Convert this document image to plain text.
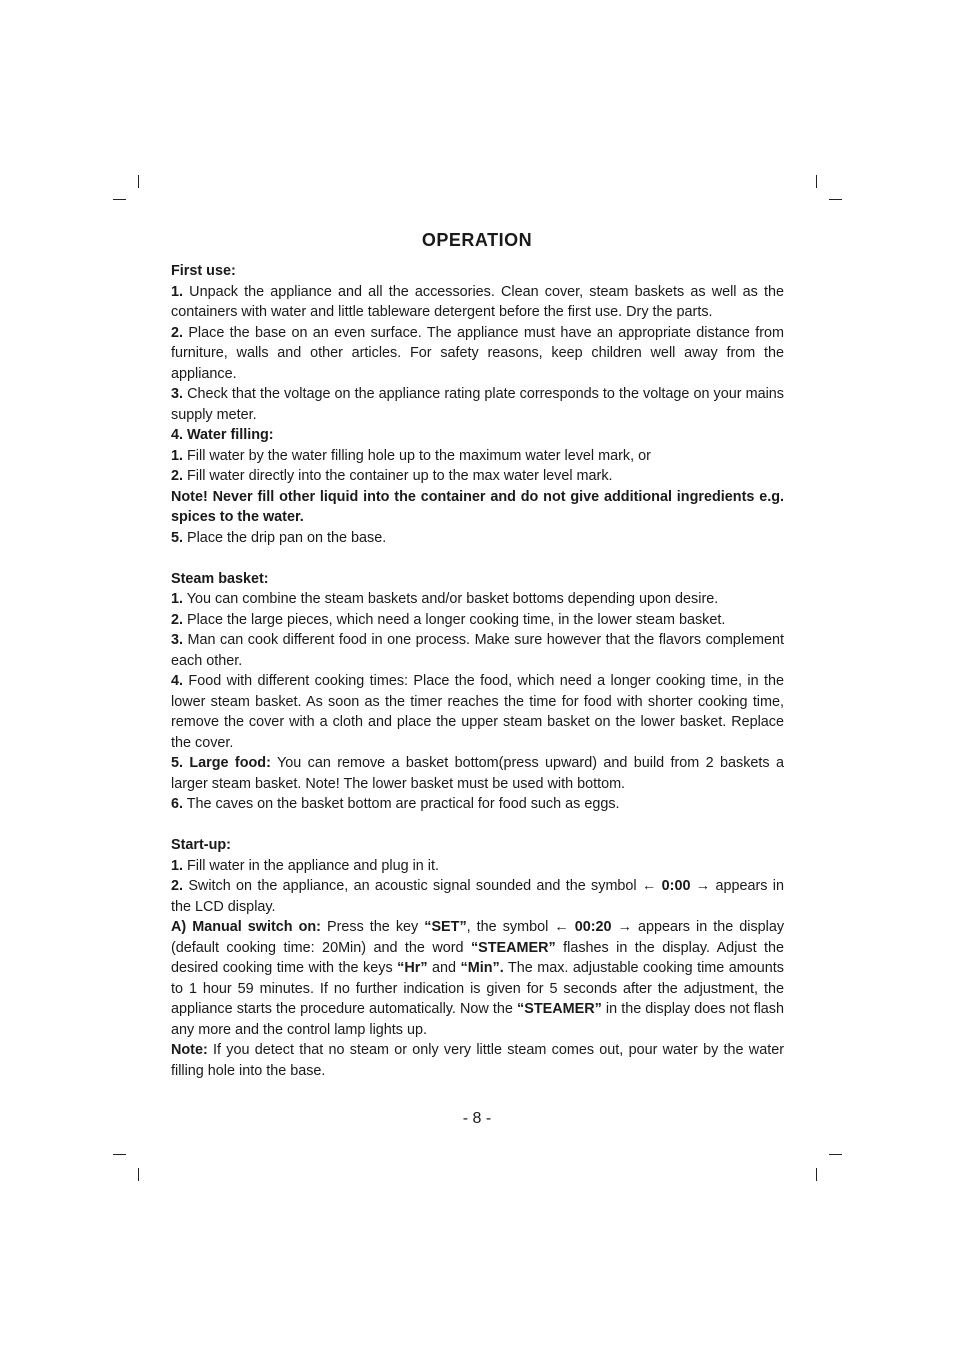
OPERATION

First use:

1. Unpack the appliance and all the accessories. Clean cover, steam baskets as well as the containers with water and little tableware detergent before the first use. Dry the parts.

2. Place the base on an even surface. The appliance must have an appropriate distance from furniture, walls and other articles. For safety reasons, keep children well away from the appliance.

3. Check that the voltage on the appliance rating plate corresponds to the voltage on your mains supply meter.

4. Water filling:

1. Fill water by the water filling hole up to the maximum water level mark, or

2. Fill water directly into the container up to the max water level mark.

Note! Never fill other liquid into the container and do not give additional ingredients e.g. spices to the water.

5. Place the drip pan on the base.

Steam basket:

1. You can combine the steam baskets and/or basket bottoms depending upon desire.

2. Place the large pieces, which need a longer cooking time, in the lower steam basket.

3. Man can cook different food in one process. Make sure however that the flavors complement each other.

4. Food with different cooking times: Place the food, which need a longer cooking time, in the lower steam basket. As soon as the timer reaches the time for food with shorter cooking time, remove the cover with a cloth and place the upper steam basket on the lower basket. Replace the cover.

5. Large food: You can remove a basket bottom(press upward) and build from 2 baskets a larger steam basket. Note! The lower basket must be used with bottom.

6. The caves on the basket bottom are practical for food such as eggs.

Start-up:

1. Fill water in the appliance and plug in it.

2. Switch on the appliance, an acoustic signal sounded and the symbol ← 0:00 → appears in the LCD display.

A) Manual switch on: Press the key “SET”, the symbol ← 00:20 → appears in the display (default cooking time: 20Min) and the word “STEAMER” flashes in the display. Adjust the desired cooking time with the keys “Hr” and “Min”. The max. adjustable cooking time amounts to 1 hour 59 minutes. If no further indication is given for 5 seconds after the adjustment, the appliance starts the procedure automatically. Now the “STEAMER” in the display does not flash any more and the control lamp lights up.

Note: If you detect that no steam or only very little steam comes out, pour water by the water filling hole into the base.

- 8 -
